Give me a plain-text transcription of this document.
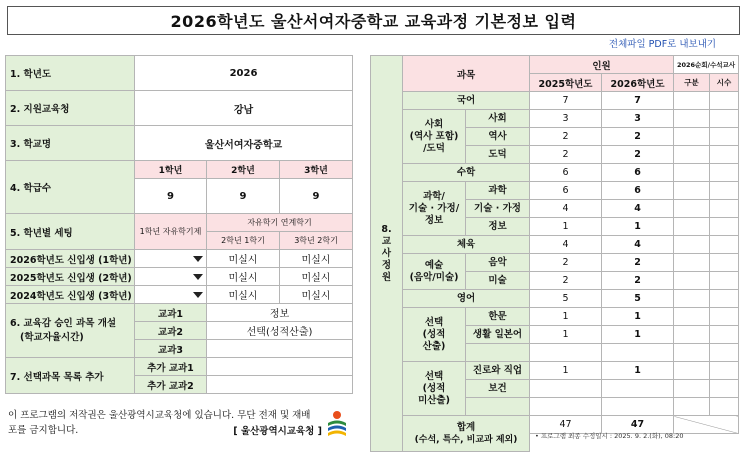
2026학년도 울산서여자중학교 교육과정 기본정보 입력
전체파일 PDF로 내보내기
1. 학년도	2026		
2. 지원교육청	강남		
3. 학교명	울산서여자중학교		
4. 학급수	1학년	2학년	3학년
	9	9	9
5. 학년별 세팅	1학년 자유학기제	자유학기 연계학기	
		2학년 1학기	3학년 2학기
2026학년도 신입생 (1학년)		미실시	미실시
2025학년도 신입생 (2학년)		미실시	미실시
2024학년도 신입생 (3학년)		미실시	미실시

6. 교육감 승인 과목 개설
(학교자율시간)	교과1	정보	
	교과2	선택(성적산출)	
	교과3		
7. 선택과목 목록 추가	추가 교과1		
	추가 교과2		
8.
교
사
정
원	과목		인원		2026순회/수석교사	
			2025학년도	2026학년도	구분	시수
	국어		7	7		
	사회
(역사 포함)
/도덕	사회	3	3		
		역사	2	2		
		도덕	2	2		
	수학		6	6		
	과학/
기술 · 가정/
정보	과학	6	6		
		기술 · 가정	4	4		
		정보	1	1		
	체육		4	4		
	예술
(음악/미술)	음악	2	2		
		미술	2	2		
	영어		5	5		
	선택
(성적
산출)	한문	1	1		
		생활 일본어	1	1		

	선택
(성적
미산출)	진로와 직업	1	1		
		보건				

	합계
(수석, 특수, 비교과 제외)		47	47		

이 프로그램의 저작권은 울산광역시교육청에 있습니다. 무단 전재 및 재배포를 금지합니다.	[ 울산광역시교육청 ]	• 프로그램 최종 수정일시 : 2025. 9. 2.(화), 08:20
